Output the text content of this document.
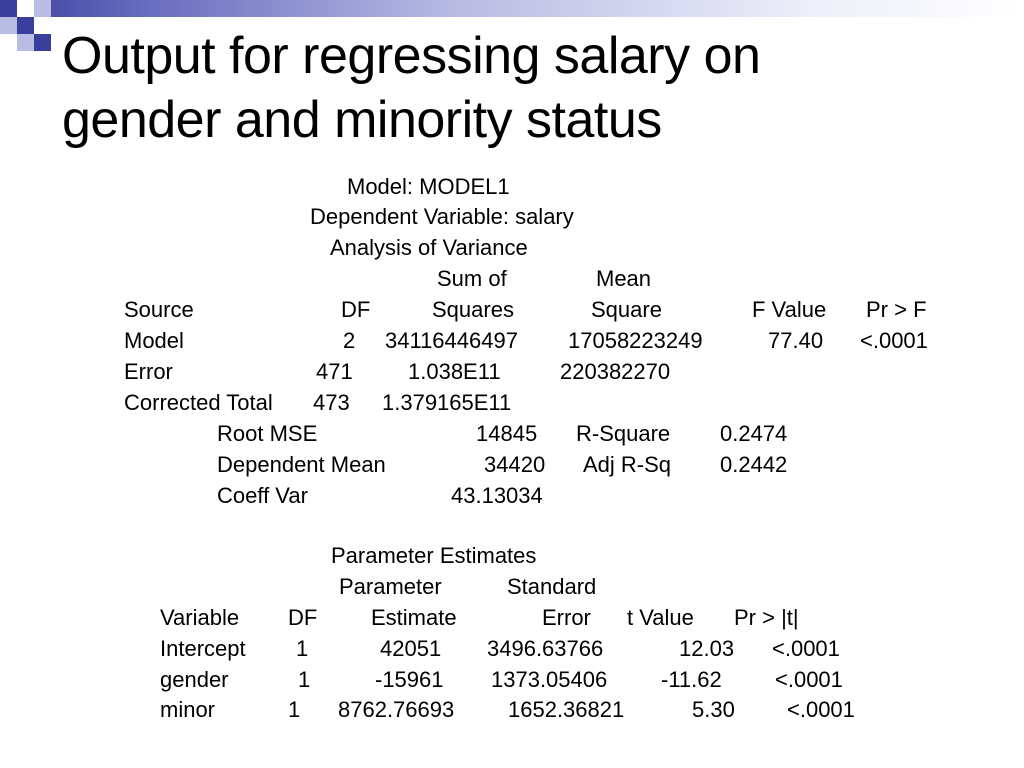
Output for regressing salary on
gender and minority status
Model: MODEL1
Dependent Variable: salary
Analysis of Variance
Sum of	Mean
Source	DF	Squares	Square	F Value Pr > F
Model	2 34116446497 17058223249	77.40 <.0001
Error	471	1.038E11	220382270
Corrected Total 473 1.379165E11
Root MSE	14845 R-Square 0.2474
Dependent Mean	34420 Adj R-Sq 0.2442
Coeff Var	43.13034
Parameter Estimates
Parameter	Standard
Variable DF Estimate	Error t Value Pr > |t|
Intercept 1	42051 3496.63766	12.03 <.0001
gender	1	-15961 1373.05406 -11.62 <.0001
minor	1 8762.76693 1652.36821	5.30 <.0001
